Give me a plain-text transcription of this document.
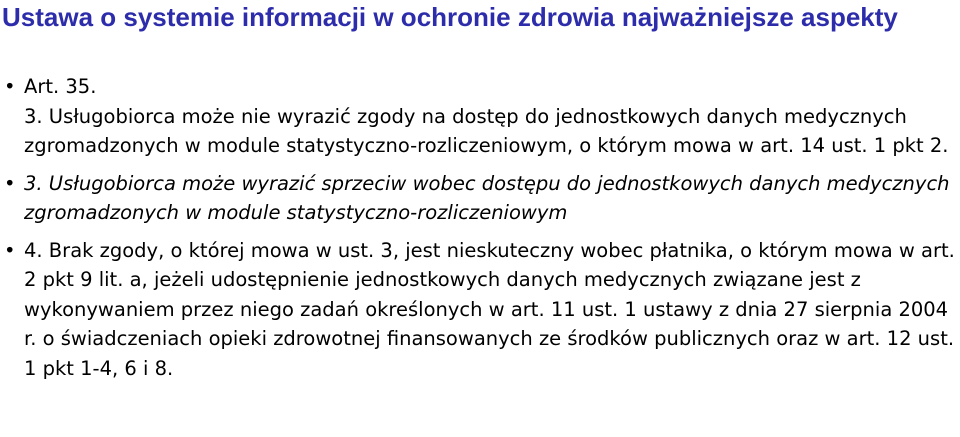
Ustawa o systemie informacji w ochronie zdrowia najważniejsze aspekty
• Art. 35.
3. Usługobiorca może nie wyrazić zgody na dostęp do jednostkowych danych medycznych zgromadzonych w module statystyczno-rozliczeniowym, o którym mowa w art. 14 ust. 1 pkt 2.
• 3. Usługobiorca może wyrazić sprzeciw wobec dostępu do jednostkowych danych medycznych zgromadzonych w module statystyczno-rozliczeniowym
• 4. Brak zgody, o której mowa w ust. 3, jest nieskuteczny wobec płatnika, o którym mowa w art. 2 pkt 9 lit. a, jeżeli udostępnienie jednostkowych danych medycznych związane jest z wykonywaniem przez niego zadań określonych w art. 11 ust. 1 ustawy z dnia 27 sierpnia 2004 r. o świadczeniach opieki zdrowotnej finansowanych ze środków publicznych oraz w art. 12 ust. 1 pkt 1-4, 6 i 8.
